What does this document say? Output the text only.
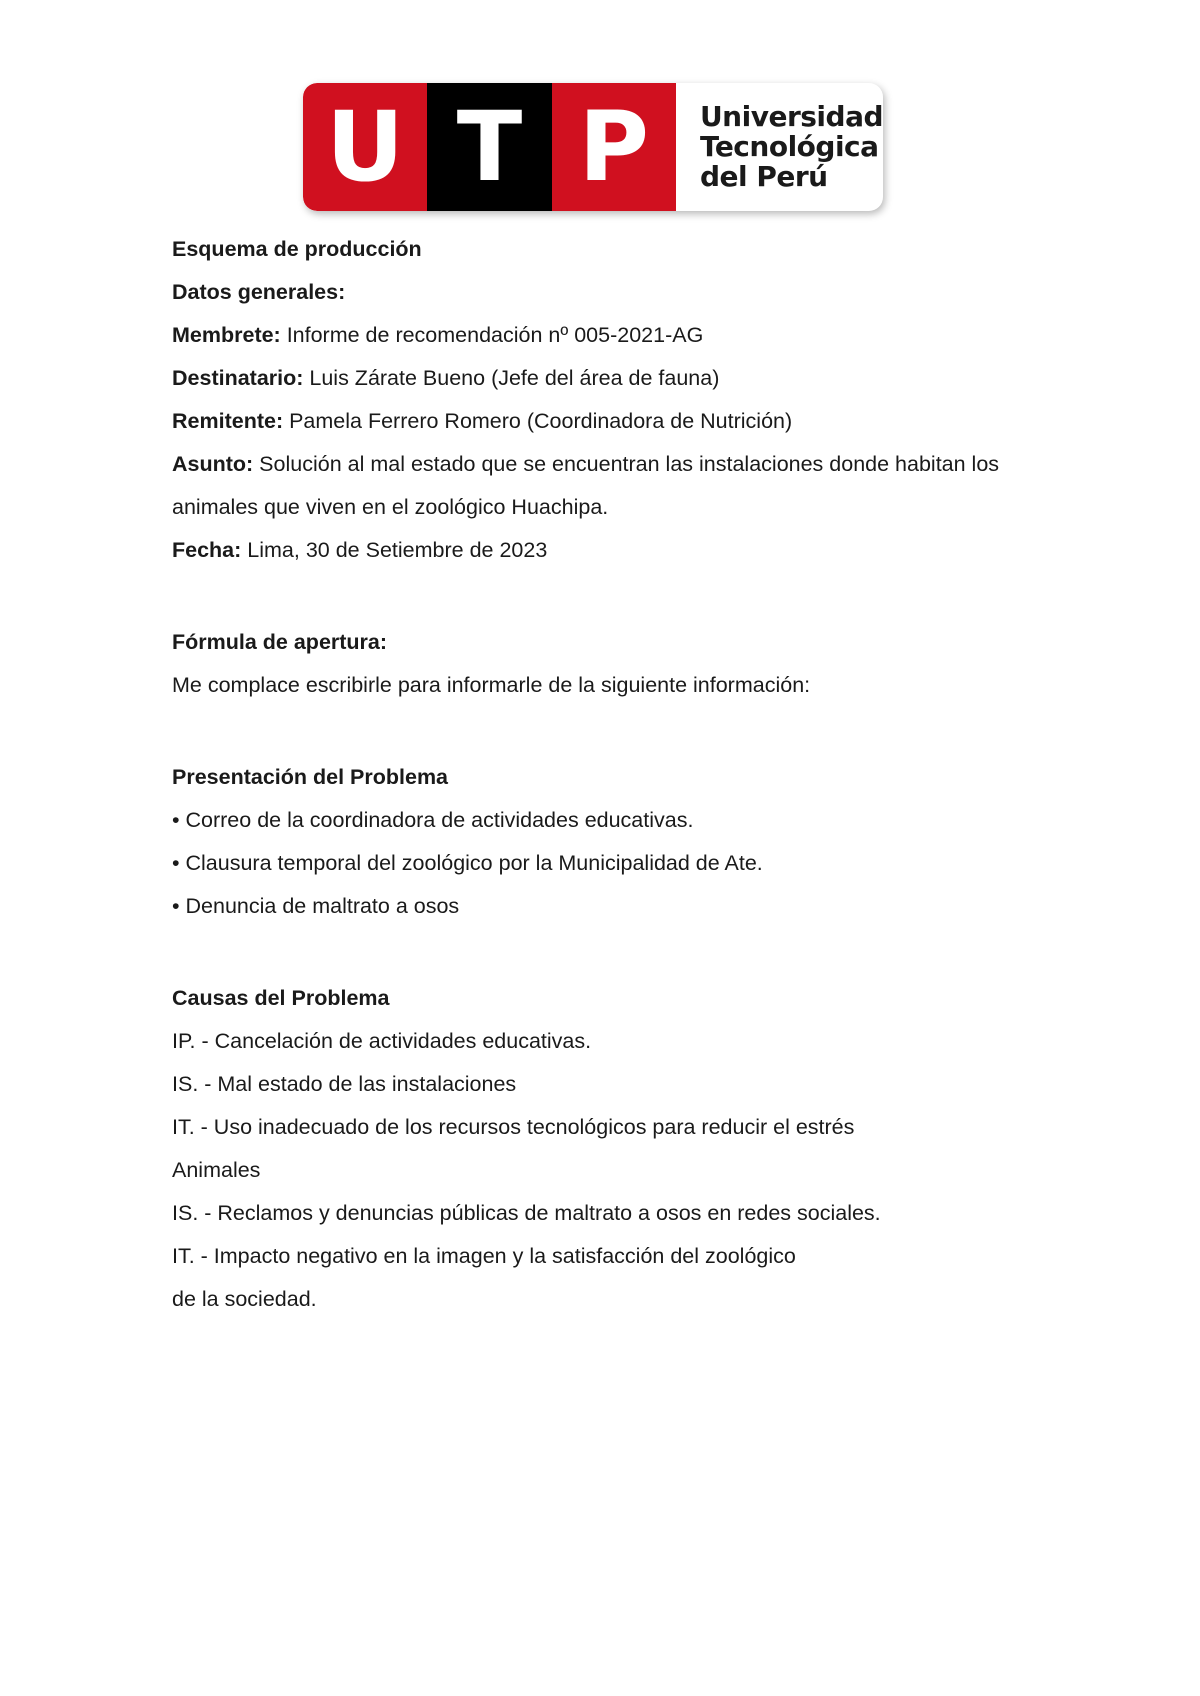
U T P	Universidad
Tecnológica
del Perú

Esquema de producción

Datos generales:

Membrete: Informe de recomendación nº 005-2021-AG

Destinatario: Luis Zárate Bueno (Jefe del área de fauna)

Remitente: Pamela Ferrero Romero (Coordinadora de Nutrición)

Asunto: Solución al mal estado que se encuentran las instalaciones donde habitan los

animales que viven en el zoológico Huachipa.

Fecha: Lima, 30 de Setiembre de 2023

Fórmula de apertura:

Me complace escribirle para informarle de la siguiente información:

Presentación del Problema

• Correo de la coordinadora de actividades educativas.

• Clausura temporal del zoológico por la Municipalidad de Ate.

• Denuncia de maltrato a osos

Causas del Problema

IP. - Cancelación de actividades educativas.

IS. - Mal estado de las instalaciones

IT. - Uso inadecuado de los recursos tecnológicos para reducir el estrés

Animales

IS. - Reclamos y denuncias públicas de maltrato a osos en redes sociales.

IT. - Impacto negativo en la imagen y la satisfacción del zoológico

de la sociedad.
